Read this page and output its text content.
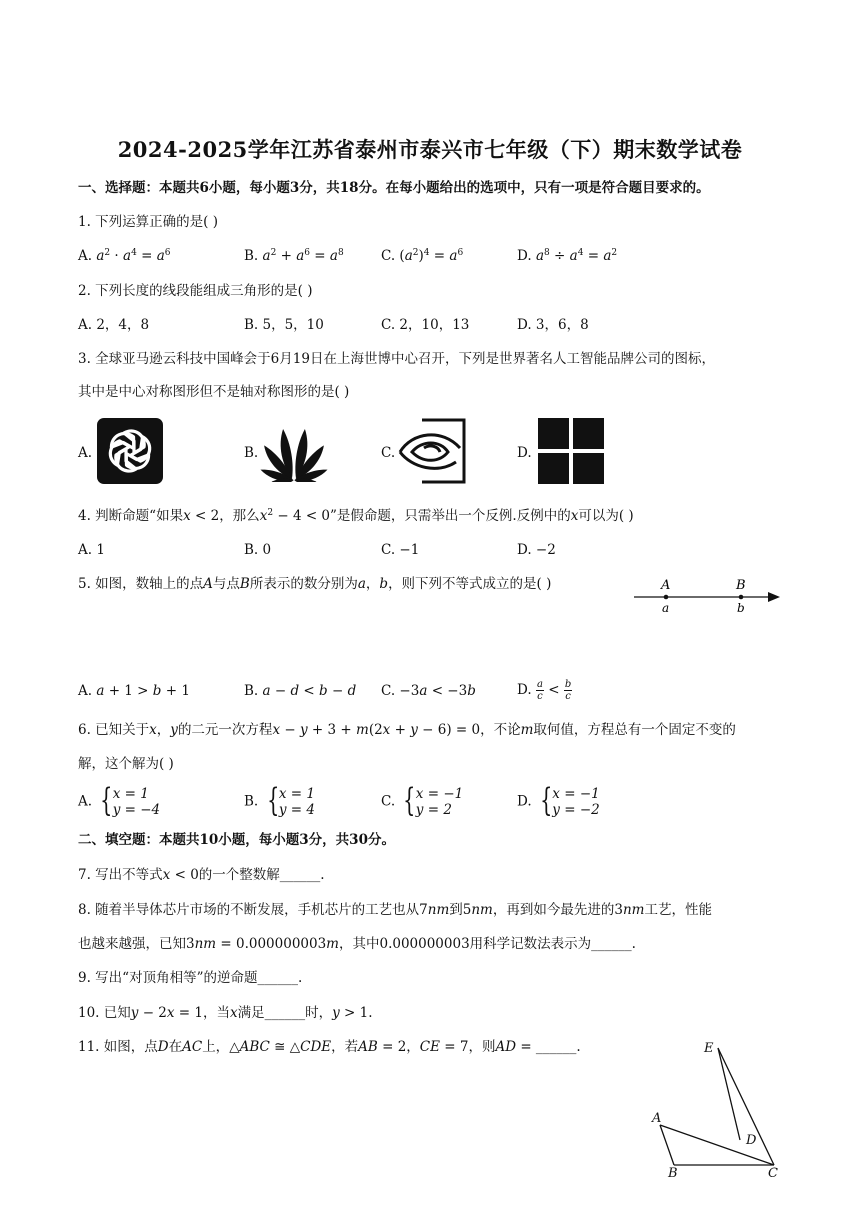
2024-2025学年江苏省泰州市泰兴市七年级（下）期末数学试卷
一、选择题：本题共6小题，每小题3分，共18分。在每小题给出的选项中，只有一项是符合题目要求的。
1. 下列运算正确的是( )
A. $a^2 \cdot a^4 = a^6$	B. $a^2 + a^6 = a^8$	C. $(a^2)^4 = a^6$	D. $a^8 \div a^4 = a^2$
2. 下列长度的线段能组成三角形的是( )
A. 2，4，8	B. 5，5，10	C. 2，10，13	D. 3，6，8
3. 全球亚马逊云科技中国峰会于6月19日在上海世博中心召开，下列是世界著名人工智能品牌公司的图标，
其中是中心对称图形但不是轴对称图形的是( )
A.	B.	C.	D.
4. 判断命题“如果x < 2，那么$x^2 - 4 < 0$”是假命题，只需举出一个反例.反例中的x可以为( )
A. 1	B. 0	C. −1	D. −2
5. 如图，数轴上的点A与点B所表示的数分别为a，b，则下列不等式成立的是( )	A	B
a	b
A. a + 1 > b + 1	B. a − d < b − d C. −3a < −3b	D. $\frac{a}{c} < \frac{b}{c}$
6. 已知关于x，y的二元一次方程x − y + 3 + m(2x + y − 6) = 0，不论m取何值，方程总有一个固定不变的
解，这个解为( )
A. {x = 1
y = −4
B. {x = 1
y = 4
C. {x = −1
y = 2
D. {x = −1
y = −2
二、填空题：本题共10小题，每小题3分，共30分。
7. 写出不等式x < 0的一个整数解______.
8. 随着半导体芯片市场的不断发展，手机芯片的工艺也从7nm到5nm，再到如今最先进的3nm工艺，性能
也越来越强，已知3nm = 0.000000003m，其中0.000000003用科学记数法表示为______.
9. 写出“对顶角相等”的逆命题______.
10. 已知y − 2x = 1，当x满足______时，y > 1.
11. 如图，点D在AC上，△ABC ≅ △CDE，若AB = 2，CE = 7，则AD = ______.	E
A
D
B	C
